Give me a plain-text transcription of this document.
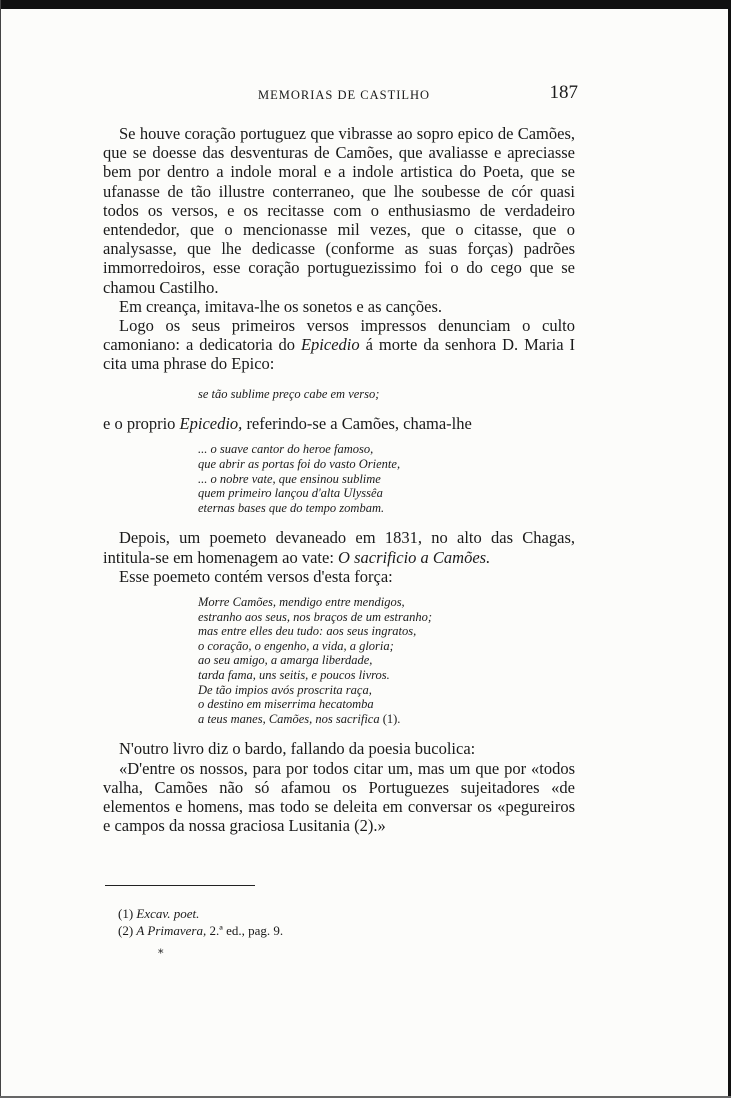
MEMORIAS DE CASTILHO	187

Se houve coração portuguez que vibrasse ao sopro epico de Camões, que se doesse das desventuras de Camões, que avaliasse e apreciasse bem por dentro a indole moral e a indole artistica do Poeta, que se ufanasse de tão illustre conterraneo, que lhe soubesse de cór quasi todos os versos, e os recitasse com o enthusiasmo de verdadeiro entendedor, que o mencionasse mil vezes, que o citasse, que o analysasse, que lhe dedicasse (conforme as suas forças) padrões immorredoiros, esse coração portuguezissimo foi o do cego que se chamou Castilho.

Em creança, imitava-lhe os sonetos e as canções.

Logo os seus primeiros versos impressos denunciam o culto camoniano: a dedicatoria do Epicedio á morte da senhora D. Maria I cita uma phrase do Epico:

se tão sublime preço cabe em verso;

e o proprio Epicedio, referindo-se a Camões, chama-lhe

... o suave cantor do heroe famoso,
que abrir as portas foi do vasto Oriente,
... o nobre vate, que ensinou sublime
quem primeiro lançou d'alta Ulyssêa
eternas bases que do tempo zombam.

Depois, um poemeto devaneado em 1831, no alto das Chagas, intitula-se em homenagem ao vate: O sacrificio a Camões.

Esse poemeto contém versos d'esta força:

Morre Camões, mendigo entre mendigos,
estranho aos seus, nos braços de um estranho;
mas entre elles deu tudo: aos seus ingratos,
o coração, o engenho, a vida, a gloria;
ao seu amigo, a amarga liberdade,
tarda fama, uns seitis, e poucos livros.
De tão impios avós proscrita raça,
o destino em miserrima hecatomba
a teus manes, Camões, nos sacrifica (1).

N'outro livro diz o bardo, fallando da poesia bucolica:

«D'entre os nossos, para por todos citar um, mas um que por «todos valha, Camões não só afamou os Portuguezes sujeitadores «de elementos e homens, mas todo se deleita em conversar os «pegureiros e campos da nossa graciosa Lusitania (2).»

(1) Excav. poet.
(2) A Primavera, 2.ª ed., pag. 9.
*
